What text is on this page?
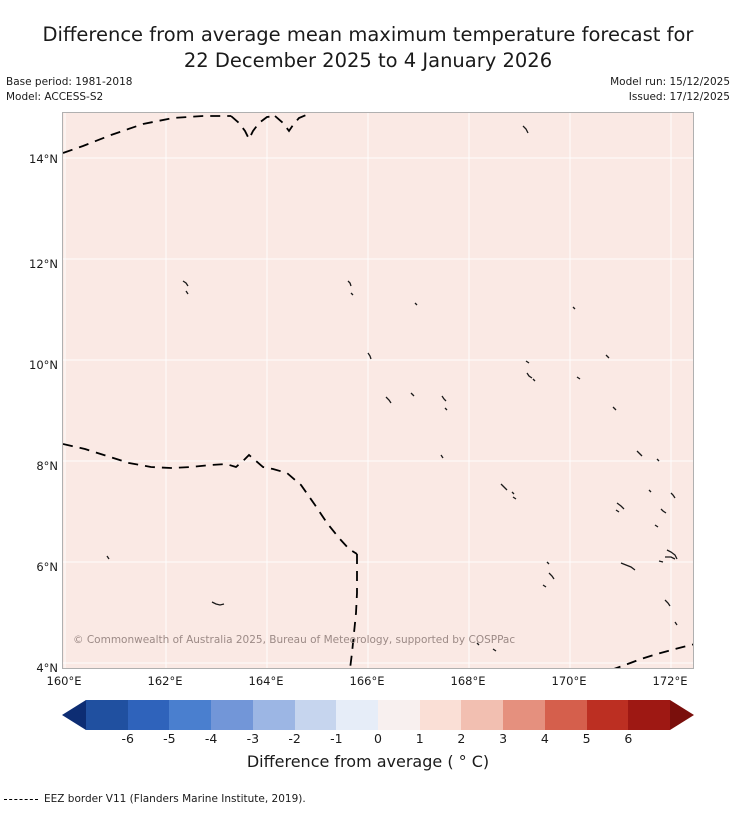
Difference from average mean maximum temperature forecast for
22 December 2025 to 4 January 2026
Base period: 1981-2018
Model: ACCESS-S2
Model run: 15/12/2025
Issued: 17/12/2025
14°N
12°N
10°N
8°N
6°N
4°N
160°E	162°E	164°E	166°E	168°E	170°E	172°E
© Commonwealth of Australia 2025, Bureau of Meteorology, supported by COSPPac
-6 -5 -4 -3 -2 -1	0	1	2	3	4	5	6
Difference from average ( ° C)
EEZ border V11 (Flanders Marine Institute, 2019).
